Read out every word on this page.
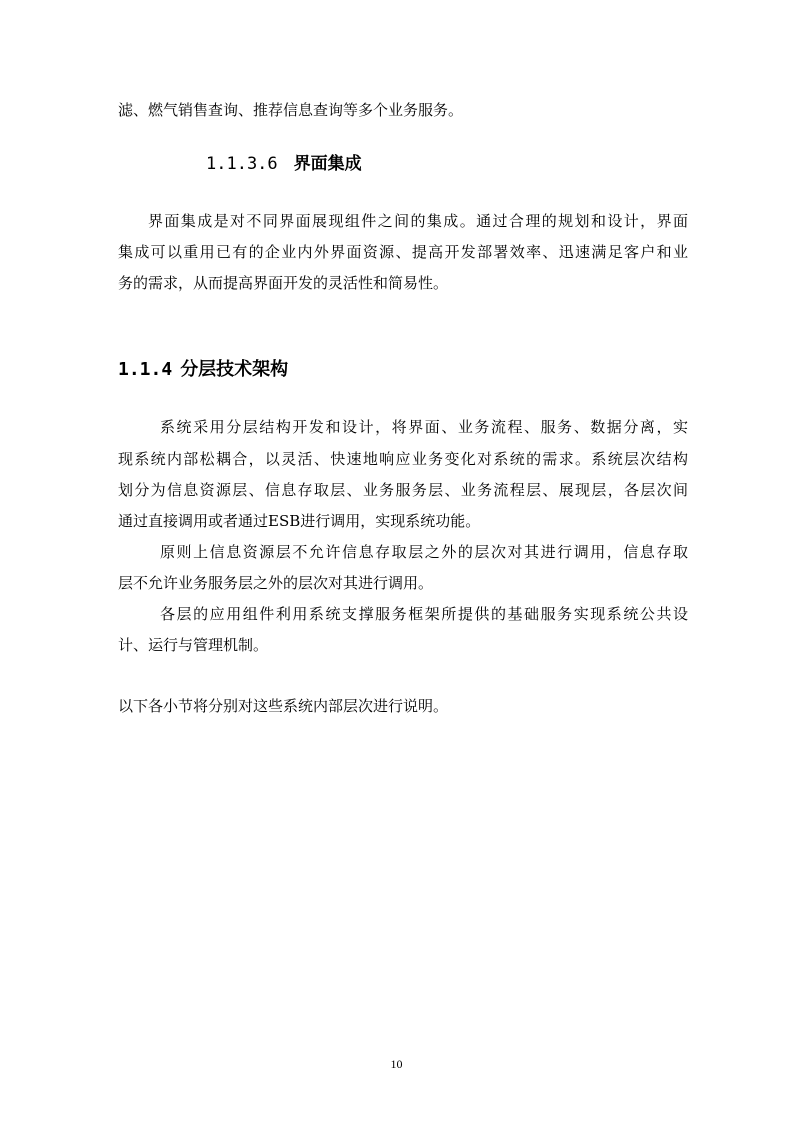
滤、燃气销售查询、推荐信息查询等多个业务服务。
1.1.3.6 界面集成
界面集成是对不同界面展现组件之间的集成。通过合理的规划和设计，界面
集成可以重用已有的企业内外界面资源、提高开发部署效率、迅速满足客户和业
务的需求，从而提高界面开发的灵活性和简易性。
1.1.4 分层技术架构
系统采用分层结构开发和设计，将界面、业务流程、服务、数据分离，实
现系统内部松耦合，以灵活、快速地响应业务变化对系统的需求。系统层次结构
划分为信息资源层、信息存取层、业务服务层、业务流程层、展现层，各层次间
通过直接调用或者通过ESB进行调用，实现系统功能。
原则上信息资源层不允许信息存取层之外的层次对其进行调用，信息存取
层不允许业务服务层之外的层次对其进行调用。
各层的应用组件利用系统支撑服务框架所提供的基础服务实现系统公共设
计、运行与管理机制。
以下各小节将分别对这些系统内部层次进行说明。
10
